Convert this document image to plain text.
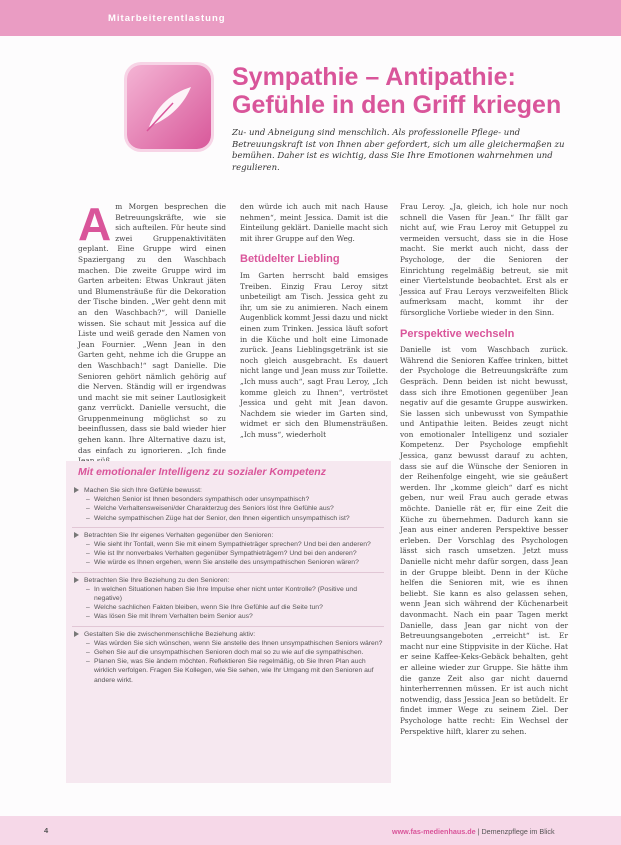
Mitarbeiterentlastung
Sympathie – Antipathie:
Gefühle in den Griff kriegen

Zu- und Abneigung sind menschlich. Als professionelle Pflege- und Betreuungskraft ist von Ihnen aber gefordert, sich um alle gleichermaßen zu bemühen. Daher ist es wichtig, dass Sie Ihre Emotionen wahrnehmen und regulieren.

A m Morgen besprechen die Betreuungskräfte, wie sie sich aufteilen. Für heute sind zwei Gruppenaktivitäten geplant. Eine Gruppe wird einen Spaziergang zu den Waschbach machen. Die zweite Gruppe wird im Garten arbeiten: Etwas Unkraut jäten und Blumensträuße für die Dekoration der Tische binden. „Wer geht denn mit an den Waschbach?“, will Danielle wissen. Sie schaut mit Jessica auf die Liste und weiß gerade den Namen von Jean Fournier. „Wenn Jean in den Garten geht, nehme ich die Gruppe an den Waschbach!“ sagt Danielle. Die Senioren gehört nämlich gehörig auf die Nerven. Ständig will er irgendwas und macht sie mit seiner Lautlosigkeit ganz verrückt. Danielle versucht, die Gruppenmeinung möglichst so zu beeinflussen, dass sie bald wieder hier gehen kann. Ihre Alternative dazu ist, das einfach zu ignorieren. „Ich finde

den würde ich auch mit nach Hause nehmen“, meint Jessica. Damit ist die Einteilung geklärt. Danielle macht sich mit ihrer Gruppe auf den Weg.

Betüdelter Liebling

Im Garten herrscht bald emsiges Treiben. Einzig Frau Leroy sitzt unbeteiligt am Tisch. Jessica geht zu ihr, um sie zu animieren. Nach einem Augenblick kommt Jessi dazu und nickt einen zum Trinken. Jessica läuft sofort in die Küche und holt eine Limonade zurück. Jeans Lieblingsgetränk ist sie noch gleich ausgebracht. Es dauert nicht lange und Jean muss zur Toilette. „Ich muss auch“, sagt Frau Leroy, „Ich komme gleich zu Ihnen“, vertröstet Jessica und geht mit Jean davon. Nachdem sie wieder im Garten sind, widmet er sich den Blumensträußen. „Ich muss“, wiederholt

Frau Leroy. „Ja, gleich, ich hole nur noch schnell die Vasen für Jean.“ Ihr fällt gar nicht auf, wie Frau Leroy mit Getuppel zu vermeiden versucht, dass sie in die Hose macht. Sie merkt auch nicht, dass der Psychologe, der die Senioren der Einrichtung regelmäßig betreut, sie mit einer Viertelstunde beobachtet. Erst als er Jessica auf Frau Leroys verzweifelten Blick aufmerksam macht, kommt ihr der fürsorgliche Vorliebe wieder in den Sinn.

Perspektive wechseln

Danielle ist vom Waschbach zurück. Während die Senioren Kaffee trinken, bittet der Psychologe die Betreuungskräfte zum Gespräch. Denn beiden ist nicht bewusst, dass sich ihre Emotionen gegenüber Jean negativ auf die gesamte Gruppe auswirken. Sie lassen sich unbewusst von Sympathie und Antipathie leiten. Beides zeugt nicht von emotionaler Intelligenz und sozialer Kompetenz. Der Psychologe empfiehlt Jessica, ganz bewusst darauf zu achten, dass sie auf die Wünsche der Senioren in der Reihenfolge eingeht, wie sie geäußert werden. Ihr „komme gleich“ darf es nicht geben, nur weil Frau auch gerade etwas möchte. Danielle rät er, für eine Zeit die Küche zu übernehmen. Dadurch kann sie Jean aus einer anderen Perspektive besser erleben. Der Vorschlag des Psychologen lässt sich rasch umsetzen. Jetzt muss Danielle nicht mehr dafür sorgen, dass Jean in der Gruppe bleibt. Denn in der Küche helfen die Senioren mit, wie es ihnen beliebt. Sie kann es also gelassen sehen, wenn Jean sich während der Küchenarbeit davonmacht. Nach ein paar Tagen merkt Danielle, dass Jean gar nicht von der Betreuungsangeboten „erreicht“ ist. Er macht nur eine Stippvisite in der Küche. Hat er seine Kaffee-Keks-Gebäck behalten, geht er alleine wieder zur Gruppe. Sie hätte ihm die ganze Zeit also gar nicht dauernd hinterherrennen müssen. Er ist auch nicht notwendig, dass Jessica Jean so betüdelt. Er findet immer Wege zu seinem Ziel. Der Psychologe hatte recht: Ein Wechsel der Perspektive hilft, klarer zu sehen.

Mit emotionaler Intelligenz zu sozialer Kompetenz

Machen Sie sich Ihre Gefühle bewusst:

– Welchen Senior ist Ihnen besonders sympathisch oder unsympathisch?

– Welche Verhaltensweiseni/der Charakterzug des Seniors löst Ihre Gefühle aus?

– Welche sympathischen Züge hat der Senior, den Ihnen eigentlich unsympathisch ist?

Betrachten Sie Ihr eigenes Verhalten gegenüber den Senioren:

– Wie sieht Ihr Tonfall, wenn Sie mit einem Sympathieträger sprechen? Und bei den anderen?

– Wie ist Ihr nonverbales Verhalten gegenüber Sympathieträgern? Und bei den anderen?

– Wie würde es Ihnen ergehen, wenn Sie anstelle des unsympathischen Senioren wären?

Betrachten Sie Ihre Beziehung zu den Senioren:

– In welchen Situationen haben Sie Ihre Impulse eher nicht unter Kontrolle? (Positive und negative)

– Welche sachlichen Fakten bleiben, wenn Sie Ihre Gefühle auf die Seite tun?

– Was lösen Sie mit Ihrem Verhalten beim Senior aus?

Gestalten Sie die zwischenmenschliche Beziehung aktiv:

– Was würden Sie sich wünschen, wenn Sie anstelle des Ihnen unsympathischen Seniors wären?

– Gehen Sie auf die unsympathischen Senioren doch mal so zu wie auf die sympathischen.

– Planen Sie, was Sie ändern möchten. Reflektieren Sie regelmäßig, ob Sie Ihren Plan auch wirklich verfolgen. Fragen Sie Kollegen, wie Sie sehen, wie Ihr Umgang mit den Senioren auf andere wirkt.

4	www.fas-medienhaus.de | Demenzpflege im Blick
